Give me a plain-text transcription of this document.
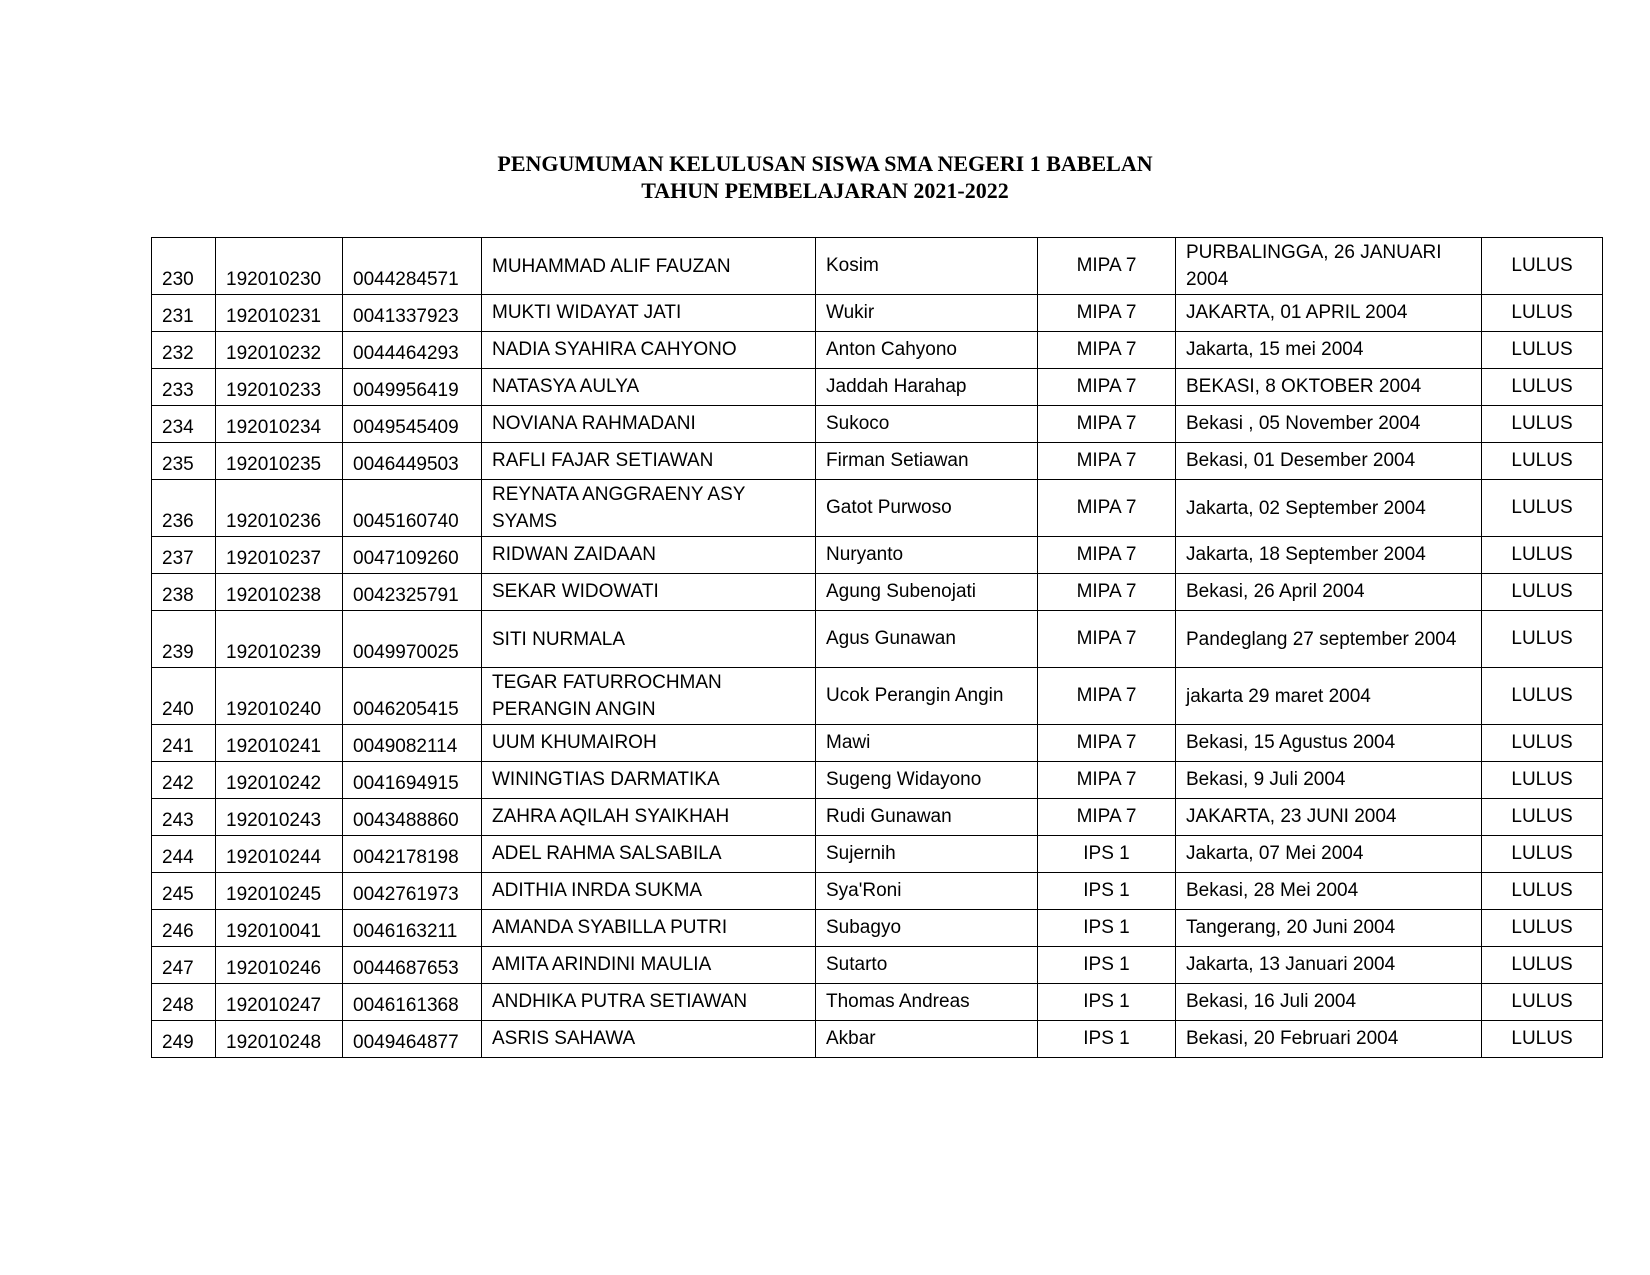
PENGUMUMAN KELULUSAN SISWA SMA NEGERI 1 BABELAN
TAHUN PEMBELAJARAN 2021-2022
230	192010230	0044284571	MUHAMMAD ALIF FAUZAN	Kosim	MIPA 7	PURBALINGGA, 26 JANUARI 2004	LULUS
231	192010231	0041337923	MUKTI WIDAYAT JATI	Wukir	MIPA 7	JAKARTA, 01 APRIL 2004	LULUS
232	192010232	0044464293	NADIA SYAHIRA CAHYONO	Anton Cahyono	MIPA 7	Jakarta, 15 mei 2004	LULUS
233	192010233	0049956419	NATASYA AULYA	Jaddah Harahap	MIPA 7	BEKASI, 8 OKTOBER 2004	LULUS
234	192010234	0049545409	NOVIANA RAHMADANI	Sukoco	MIPA 7	Bekasi , 05 November 2004	LULUS
235	192010235	0046449503	RAFLI FAJAR SETIAWAN	Firman Setiawan	MIPA 7	Bekasi, 01 Desember 2004	LULUS
236	192010236	0045160740	REYNATA ANGGRAENY ASY SYAMS	Gatot Purwoso	MIPA 7	Jakarta, 02 September 2004	LULUS
237	192010237	0047109260	RIDWAN ZAIDAAN	Nuryanto	MIPA 7	Jakarta, 18 September 2004	LULUS
238	192010238	0042325791	SEKAR WIDOWATI	Agung Subenojati	MIPA 7	Bekasi, 26 April 2004	LULUS
239	192010239	0049970025	SITI NURMALA	Agus Gunawan	MIPA 7	Pandeglang 27 september 2004	LULUS
240	192010240	0046205415	TEGAR FATURROCHMAN PERANGIN ANGIN	Ucok Perangin Angin	MIPA 7	jakarta 29 maret 2004	LULUS
241	192010241	0049082114	UUM KHUMAIROH	Mawi	MIPA 7	Bekasi, 15 Agustus 2004	LULUS
242	192010242	0041694915	WININGTIAS DARMATIKA	Sugeng Widayono	MIPA 7	Bekasi, 9 Juli 2004	LULUS
243	192010243	0043488860	ZAHRA AQILAH SYAIKHAH	Rudi Gunawan	MIPA 7	JAKARTA, 23 JUNI 2004	LULUS
244	192010244	0042178198	ADEL RAHMA SALSABILA	Sujernih	IPS 1	Jakarta, 07 Mei 2004	LULUS
245	192010245	0042761973	ADITHIA INRDA SUKMA	Sya'Roni	IPS 1	Bekasi, 28 Mei 2004	LULUS
246	192010041	0046163211	AMANDA SYABILLA PUTRI	Subagyo	IPS 1	Tangerang, 20 Juni 2004	LULUS
247	192010246	0044687653	AMITA ARINDINI MAULIA	Sutarto	IPS 1	Jakarta, 13 Januari 2004	LULUS
248	192010247	0046161368	ANDHIKA PUTRA SETIAWAN	Thomas Andreas	IPS 1	Bekasi, 16 Juli 2004	LULUS
249	192010248	0049464877	ASRIS SAHAWA	Akbar	IPS 1	Bekasi, 20 Februari 2004	LULUS
